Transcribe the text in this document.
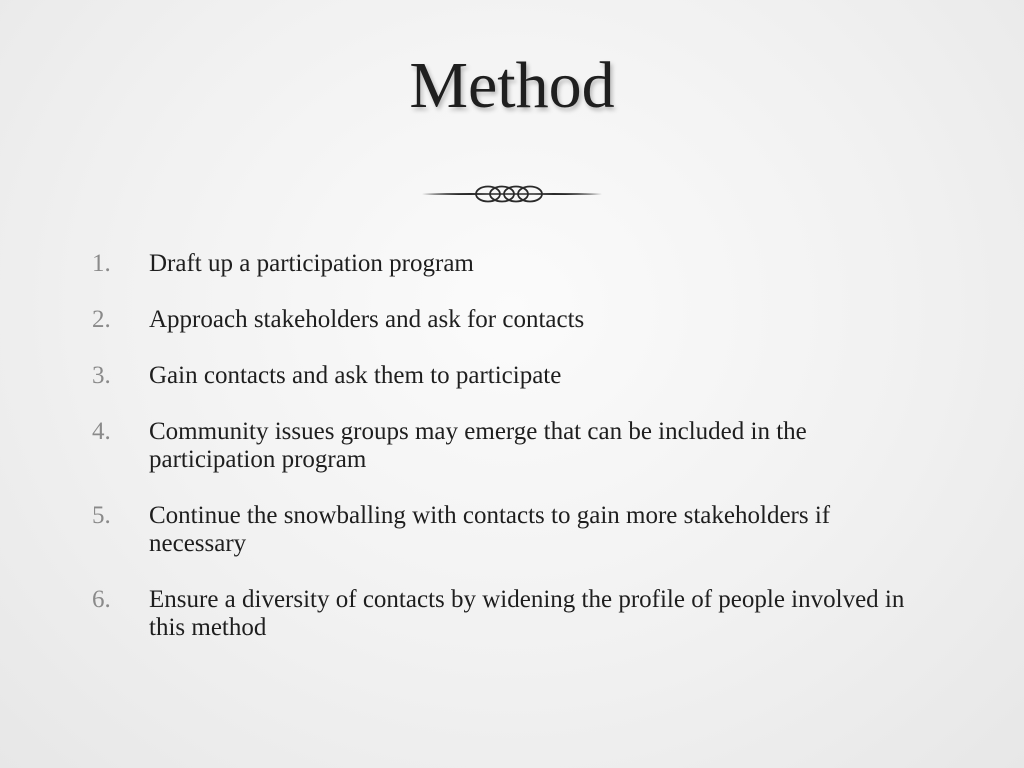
Method
1. Draft up a participation program
2. Approach stakeholders and ask for contacts
3. Gain contacts and ask them to participate
4. Community issues groups may emerge that can be included in the participation program
5. Continue the snowballing with contacts to gain more stakeholders if necessary
6. Ensure a diversity of contacts by widening the profile of people involved in this method
